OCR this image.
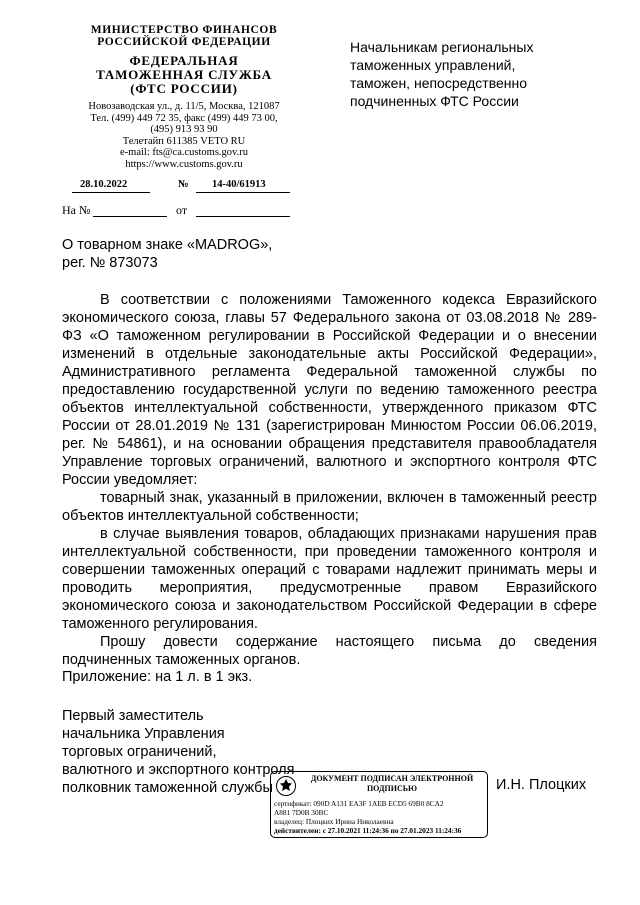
МИНИСТЕРСТВО ФИНАНСОВ
РОССИЙСКОЙ ФЕДЕРАЦИИ
ФЕДЕРАЛЬНАЯ
ТАМОЖЕННАЯ СЛУЖБА
(ФТС РОССИИ)
Новозаводская ул., д. 11/5, Москва, 121087
Тел. (499) 449 72 35, факс (499) 449 73 00,
(495) 913 93 90
Телетайп 611385 VETO RU
e-mail: fts@ca.customs.gov.ru
https://www.customs.gov.ru
28.10.2022	№ 14-40/61913
На №	от
Начальникам региональных
таможенных управлений,
таможен, непосредственно
подчиненных ФТС России
О товарном знаке «MADROG»,
рег. № 873073

В соответствии с положениями Таможенного кодекса Евразийского экономического союза, главы 57 Федерального закона от 03.08.2018 № 289-ФЗ «О таможенном регулировании в Российской Федерации и о внесении изменений в отдельные законодательные акты Российской Федерации», Административного регламента Федеральной таможенной службы по предоставлению государственной услуги по ведению таможенного реестра объектов интеллектуальной собственности, утвержденного приказом ФТС России от 28.01.2019 № 131 (зарегистрирован Минюстом России 06.06.2019, рег. № 54861), и на основании обращения представителя правообладателя Управление торговых ограничений, валютного и экспортного контроля ФТС России уведомляет:

товарный знак, указанный в приложении, включен в таможенный реестр объектов интеллектуальной собственности;

в случае выявления товаров, обладающих признаками нарушения прав интеллектуальной собственности, при проведении таможенного контроля и совершении таможенных операций с товарами надлежит принимать меры и проводить мероприятия, предусмотренные правом Евразийского экономического союза и законодательством Российской Федерации в сфере таможенного регулирования.

Прошу довести содержание настоящего письма до сведения подчиненных таможенных органов.

Приложение: на 1 л. в 1 экз.
Первый заместитель
начальника Управления
торговых ограничений,
валютного и экспортного контроля
полковник таможенной службы
ДОКУМЕНТ ПОДПИСАН ЭЛЕКТРОННОЙ ПОДПИСЬЮ
сертификат: 090D A131 EA3F 1AEB ECD5 69B0 8CA2
A881 7D0B 30BC
владелец: Плоцких Ирина Николаевна
действителен: с 27.10.2021 11:24:36 по 27.01.2023 11:24:36
И.Н. Плоцких
